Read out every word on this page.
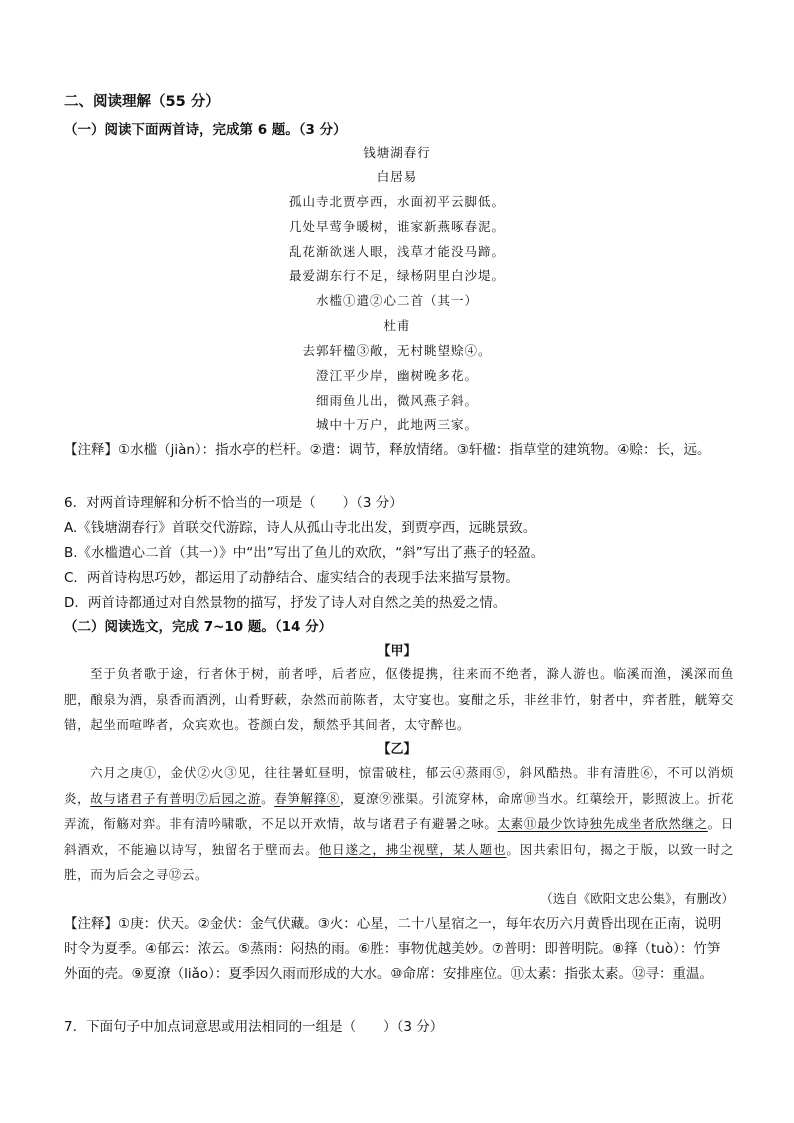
二、阅读理解（55 分）
（一）阅读下面两首诗，完成第 6 题。（3 分）
钱塘湖春行
白居易
孤山寺北贾亭西，水面初平云脚低。
几处早莺争暖树，谁家新燕啄春泥。
乱花渐欲迷人眼，浅草才能没马蹄。
最爱湖东行不足，绿杨阴里白沙堤。
水槛①遣②心二首（其一）
杜甫
去郭轩楹③敞，无村眺望赊④。
澄江平少岸，幽树晚多花。
细雨鱼儿出，微风燕子斜。
城中十万户，此地两三家。
【注释】①水槛（jiàn）：指水亭的栏杆。②遣：调节，释放情绪。③轩楹：指草堂的建筑物。④赊：长，远。
6．对两首诗理解和分析不恰当的一项是（　　）（3 分）
A.《钱塘湖春行》首联交代游踪，诗人从孤山寺北出发，到贾亭西，远眺景致。
B.《水槛遣心二首（其一）》中“出”写出了鱼儿的欢欣，“斜”写出了燕子的轻盈。
C．两首诗构思巧妙，都运用了动静结合、虚实结合的表现手法来描写景物。
D．两首诗都通过对自然景物的描写，抒发了诗人对自然之美的热爱之情。
（二）阅读选文，完成 7~10 题。（14 分）
【甲】
至于负者歌于途，行者休于树，前者呼，后者应，伛偻提携，往来而不绝者，滁人游也。临溪而渔，溪深而鱼肥，酿泉为酒，泉香而酒洌，山肴野蔌，杂然而前陈者，太守宴也。宴酣之乐，非丝非竹，射者中，弈者胜，觥筹交错，起坐而喧哗者，众宾欢也。苍颜白发，颓然乎其间者，太守醉也。
【乙】
六月之庚①，金伏②火③见，往往暑虹昼明，惊雷破柱，郁云④蒸雨⑤，斜风酷热。非有清胜⑥，不可以消烦炎，故与诸君子有普明⑦后园之游。春笋解箨⑧，夏潦⑨涨渠。引流穿林，命席⑩当水。红蕖绘开，影照波上。折花弄流，衔觞对弈。非有清吟啸歌，不足以开欢情，故与诸君子有避暑之咏。太素⑪最少饮诗独先成坐者欣然继之。日斜酒欢，不能遍以诗写，独留名于壁而去。他日遂之，拂尘视壁，某人题也。因共索旧句，揭之于版，以致一时之胜，而为后会之寻⑫云。
（选自《欧阳文忠公集》，有删改）
【注释】①庚：伏天。②金伏：金气伏藏。③火：心星，二十八星宿之一，每年农历六月黄昏出现在正南，说明时令为夏季。④郁云：浓云。⑤蒸雨：闷热的雨。⑥胜：事物优越美妙。⑦普明：即普明院。⑧箨（tuò）：竹笋外面的壳。⑨夏潦（liǎo）：夏季因久雨而形成的大水。⑩命席：安排座位。⑪太素：指张太素。⑫寻：重温。
7．下面句子中加点词意思或用法相同的一组是（　　）（3 分）
